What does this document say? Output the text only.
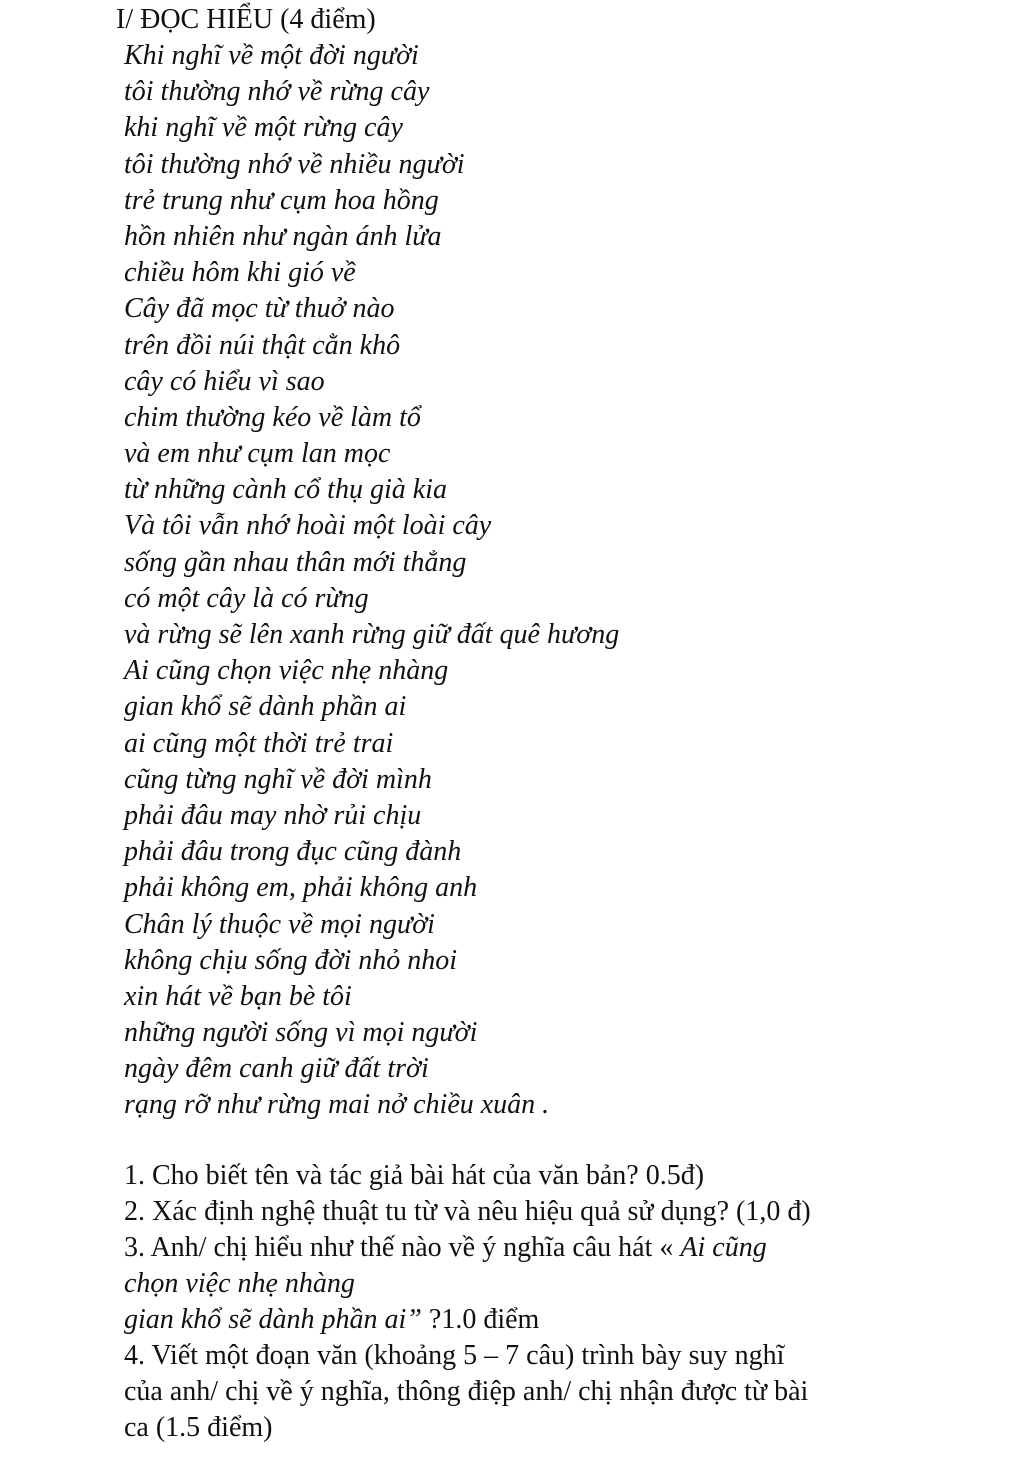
I/ ĐỌC HIỂU (4 điểm)
Khi nghĩ về một đời người
tôi thường nhớ về rừng cây
khi nghĩ về một rừng cây
tôi thường nhớ về nhiều người
trẻ trung như cụm hoa hồng
hồn nhiên như ngàn ánh lửa
chiều hôm khi gió về
Cây đã mọc từ thuở nào
trên đồi núi thật cằn khô
cây có hiểu vì sao
chim thường kéo về làm tổ
và em như cụm lan mọc
từ những cành cổ thụ già kia
Và tôi vẫn nhớ hoài một loài cây
sống gần nhau thân mới thẳng
có một cây là có rừng
và rừng sẽ lên xanh rừng giữ đất quê hương
Ai cũng chọn việc nhẹ nhàng
gian khổ sẽ dành phần ai
ai cũng một thời trẻ trai
cũng từng nghĩ về đời mình
phải đâu may nhờ rủi chịu
phải đâu trong đục cũng đành
phải không em, phải không anh
Chân lý thuộc về mọi người
không chịu sống đời nhỏ nhoi
xin hát về bạn bè tôi
những người sống vì mọi người
ngày đêm canh giữ đất trời
rạng rỡ như rừng mai nở chiều xuân .
1. Cho biết tên và tác giả bài hát của văn bản? 0.5đ)
2. Xác định nghệ thuật tu từ và nêu hiệu quả sử dụng? (1,0 đ)
3. Anh/ chị hiểu như thế nào về ý nghĩa câu hát « Ai cũng
chọn việc nhẹ nhàng
gian khổ sẽ dành phần ai” ?1.0 điểm
4. Viết một đoạn văn (khoảng 5 – 7 câu) trình bày suy nghĩ
của anh/ chị về ý nghĩa, thông điệp anh/ chị nhận được từ bài
ca (1.5 điểm)
